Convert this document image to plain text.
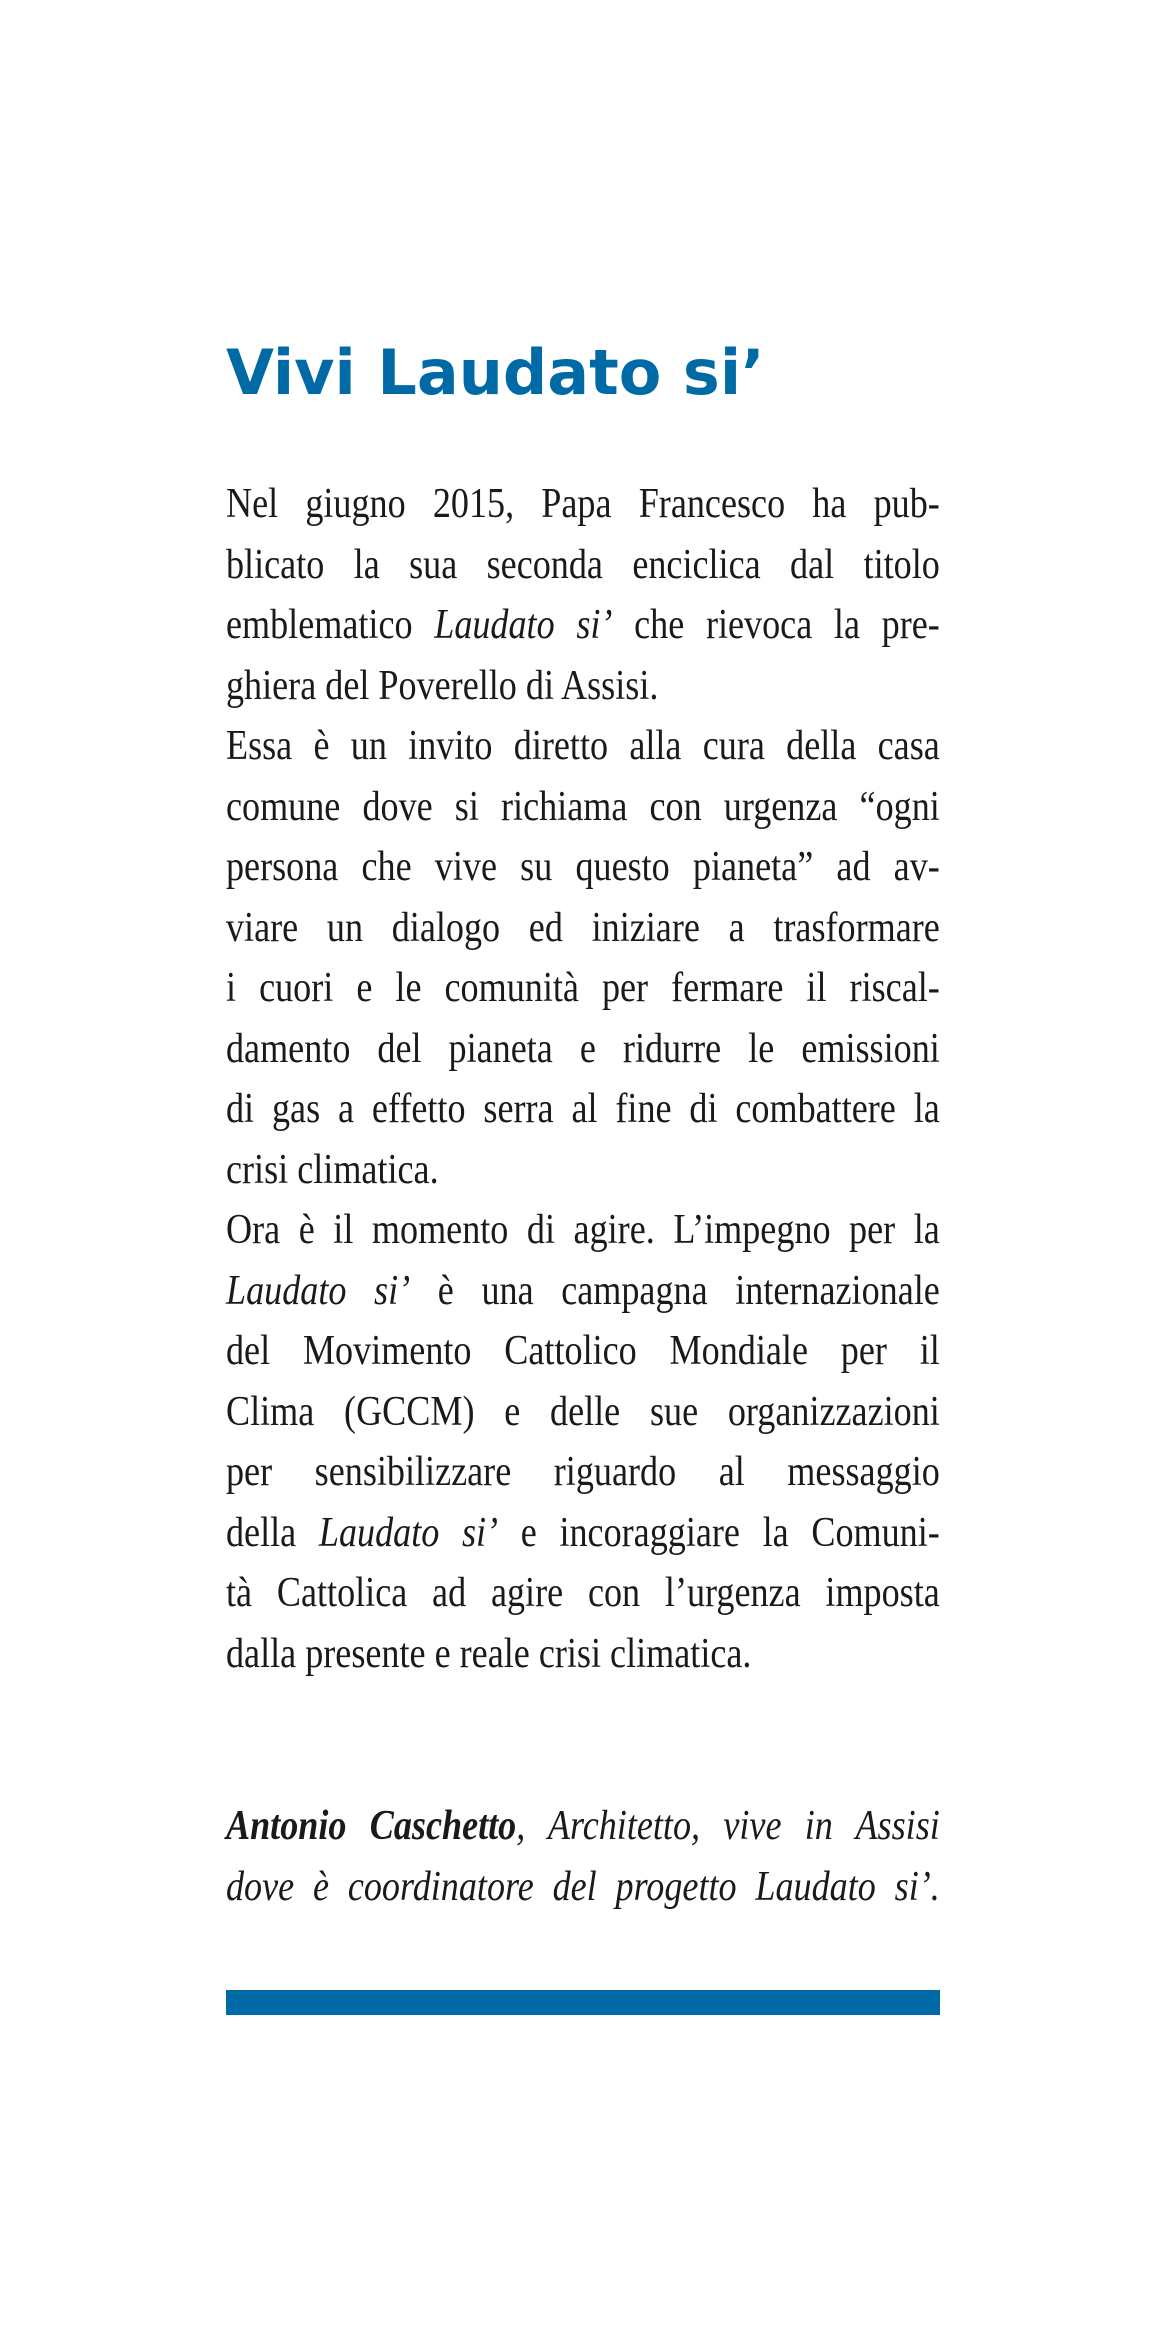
Vivi Laudato si’

Nel giugno 2015, Papa Francesco ha pub-
blicato la sua seconda enciclica dal titolo
emblematico Laudato si’ che rievoca la pre-
ghiera del Poverello di Assisi.

Essa è un invito diretto alla cura della casa
comune dove si richiama con urgenza “ogni
persona che vive su questo pianeta” ad av-
viare un dialogo ed iniziare a trasformare
i cuori e le comunità per fermare il riscal-
damento del pianeta e ridurre le emissioni
di gas a effetto serra al fine di combattere la
crisi climatica.

Ora è il momento di agire. L’impegno per la
Laudato si’ è una campagna internazionale
del Movimento Cattolico Mondiale per il
Clima (GCCM) e delle sue organizzazioni
per sensibilizzare riguardo al messaggio
della Laudato si’ e incoraggiare la Comuni-
tà Cattolica ad agire con l’urgenza imposta
dalla presente e reale crisi climatica.

Antonio Caschetto, Architetto, vive in Assisi
dove è coordinatore del progetto Laudato si’.
